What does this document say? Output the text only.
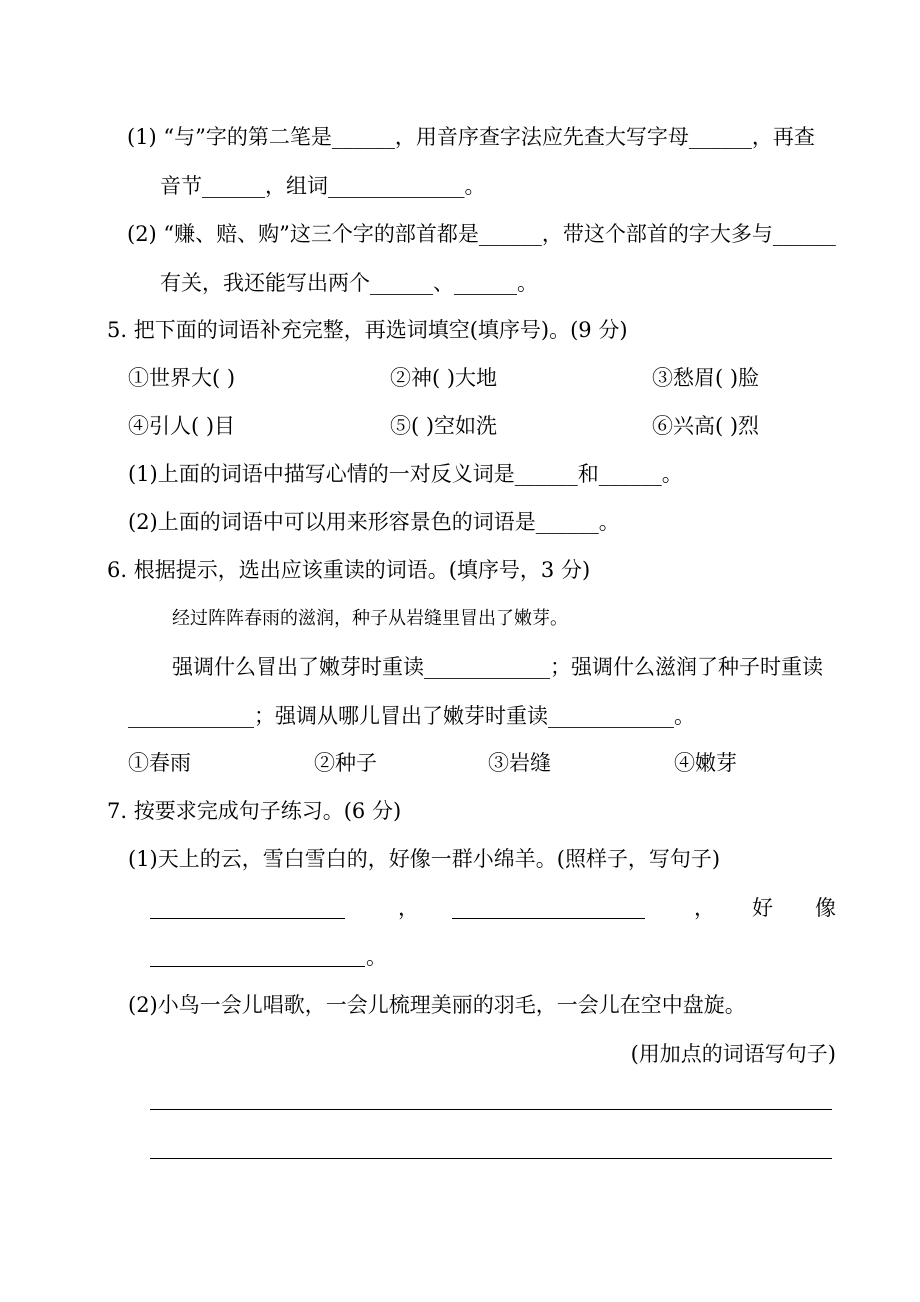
(1) “与”字的第二笔是______，用音序查字法应先查大写字母______，再查
音节______，组词_____________。
(2) “赚、赔、购”这三个字的部首都是______，带这个部首的字大多与______
有关，我还能写出两个______、______。
5. 把下面的词语补充完整，再选词填空(填序号)。(9 分)
①世界大( )	②神( )大地	③愁眉( )脸
④引人( )目	⑤( )空如洗	⑥兴高( )烈
(1)上面的词语中描写心情的一对反义词是______和______。
(2)上面的词语中可以用来形容景色的词语是______。
6. 根据提示，选出应该重读的词语。(填序号，3 分)
经过阵阵春雨的滋润，种子从岩缝里冒出了嫩芽。
强调什么冒出了嫩芽时重读____________；强调什么滋润了种子时重读
____________；强调从哪儿冒出了嫩芽时重读____________。
①春雨	②种子	③岩缝	④嫩芽
7. 按要求完成句子练习。(6 分)
(1)天上的云，雪白雪白的，好像一群小绵羊。(照样子，写句子)
，	， 好 像
。
(2)小鸟一会儿唱歌，一会儿梳理美丽的羽毛，一会儿在空中盘旋。
(用加点的词语写句子)
